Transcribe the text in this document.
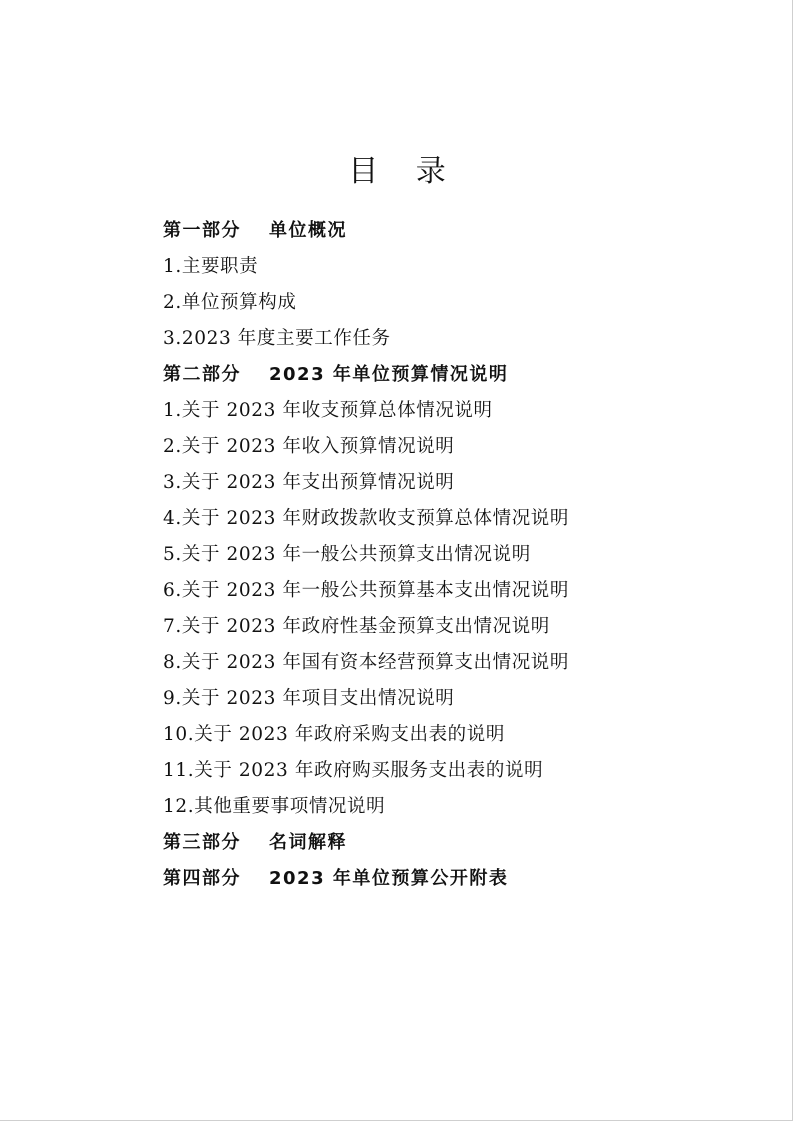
目 录
第一部分 单位概况
1.主要职责
2.单位预算构成
3.2023 年度主要工作任务
第二部分 2023 年单位预算情况说明
1.关于 2023 年收支预算总体情况说明
2.关于 2023 年收入预算情况说明
3.关于 2023 年支出预算情况说明
4.关于 2023 年财政拨款收支预算总体情况说明
5.关于 2023 年一般公共预算支出情况说明
6.关于 2023 年一般公共预算基本支出情况说明
7.关于 2023 年政府性基金预算支出情况说明
8.关于 2023 年国有资本经营预算支出情况说明
9.关于 2023 年项目支出情况说明
10.关于 2023 年政府采购支出表的说明
11.关于 2023 年政府购买服务支出表的说明
12.其他重要事项情况说明
第三部分 名词解释
第四部分 2023 年单位预算公开附表
